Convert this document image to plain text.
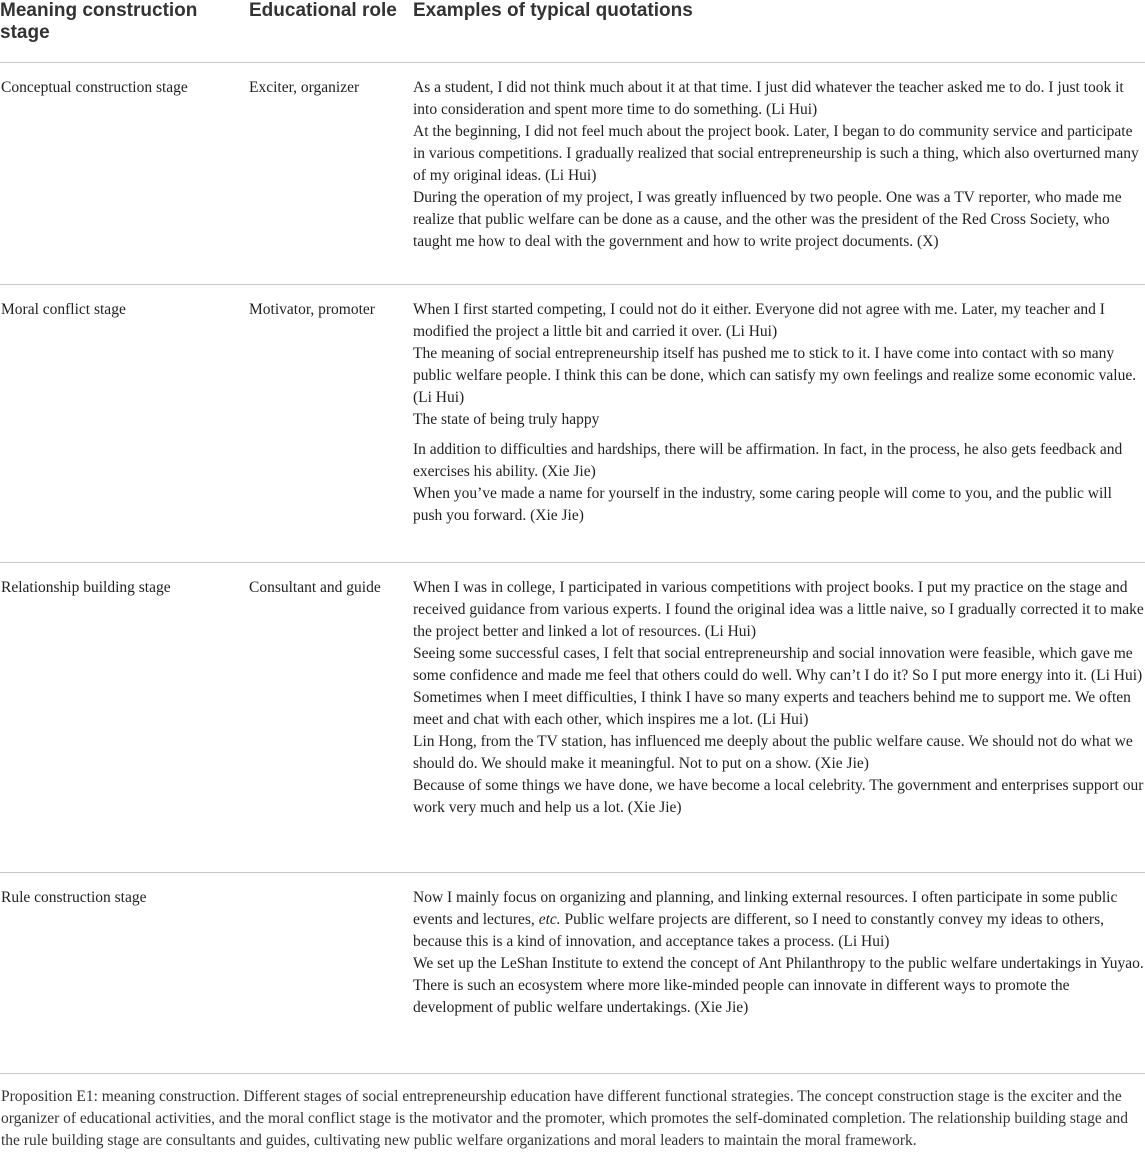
Meaning construction stage	Educational role	Examples of typical quotations
Conceptual construction stage	Exciter, organizer	As a student, I did not think much about it at that time. I just did whatever the teacher asked me to do. I just took it into consideration and spent more time to do something. (Li Hui)
At the beginning, I did not feel much about the project book. Later, I began to do community service and participate in various competitions. I gradually realized that social entrepreneurship is such a thing, which also overturned many of my original ideas. (Li Hui)
During the operation of my project, I was greatly influenced by two people. One was a TV reporter, who made me realize that public welfare can be done as a cause, and the other was the president of the Red Cross Society, who taught me how to deal with the government and how to write project documents. (X)

Moral conflict stage	Motivator, promoter	When I first started competing, I could not do it either. Everyone did not agree with me. Later, my teacher and I modified the project a little bit and carried it over. (Li Hui)
The meaning of social entrepreneurship itself has pushed me to stick to it. I have come into contact with so many public welfare people. I think this can be done, which can satisfy my own feelings and realize some economic value. (Li Hui)
The state of being truly happy
In addition to difficulties and hardships, there will be affirmation. In fact, in the process, he also gets feedback and exercises his ability. (Xie Jie)
When you’ve made a name for yourself in the industry, some caring people will come to you, and the public will push you forward. (Xie Jie)

Relationship building stage	Consultant and guide	When I was in college, I participated in various competitions with project books. I put my practice on the stage and received guidance from various experts. I found the original idea was a little naive, so I gradually corrected it to make the project better and linked a lot of resources. (Li Hui)
Seeing some successful cases, I felt that social entrepreneurship and social innovation were feasible, which gave me some confidence and made me feel that others could do well. Why can’t I do it? So I put more energy into it. (Li Hui)
Sometimes when I meet difficulties, I think I have so many experts and teachers behind me to support me. We often meet and chat with each other, which inspires me a lot. (Li Hui)
Lin Hong, from the TV station, has influenced me deeply about the public welfare cause. We should not do what we should do. We should make it meaningful. Not to put on a show. (Xie Jie)
Because of some things we have done, we have become a local celebrity. The government and enterprises support our work very much and help us a lot. (Xie Jie)

Rule construction stage		Now I mainly focus on organizing and planning, and linking external resources. I often participate in some public events and lectures, etc. Public welfare projects are different, so I need to constantly convey my ideas to others, because this is a kind of innovation, and acceptance takes a process. (Li Hui)
We set up the LeShan Institute to extend the concept of Ant Philanthropy to the public welfare undertakings in Yuyao. There is such an ecosystem where more like-minded people can innovate in different ways to promote the development of public welfare undertakings. (Xie Jie)

Proposition E1: meaning construction. Different stages of social entrepreneurship education have different functional strategies. The concept construction stage is the exciter and the organizer of educational activities, and the moral conflict stage is the motivator and the promoter, which promotes the self-dominated completion. The relationship building stage and the rule building stage are consultants and guides, cultivating new public welfare organizations and moral leaders to maintain the moral framework.
